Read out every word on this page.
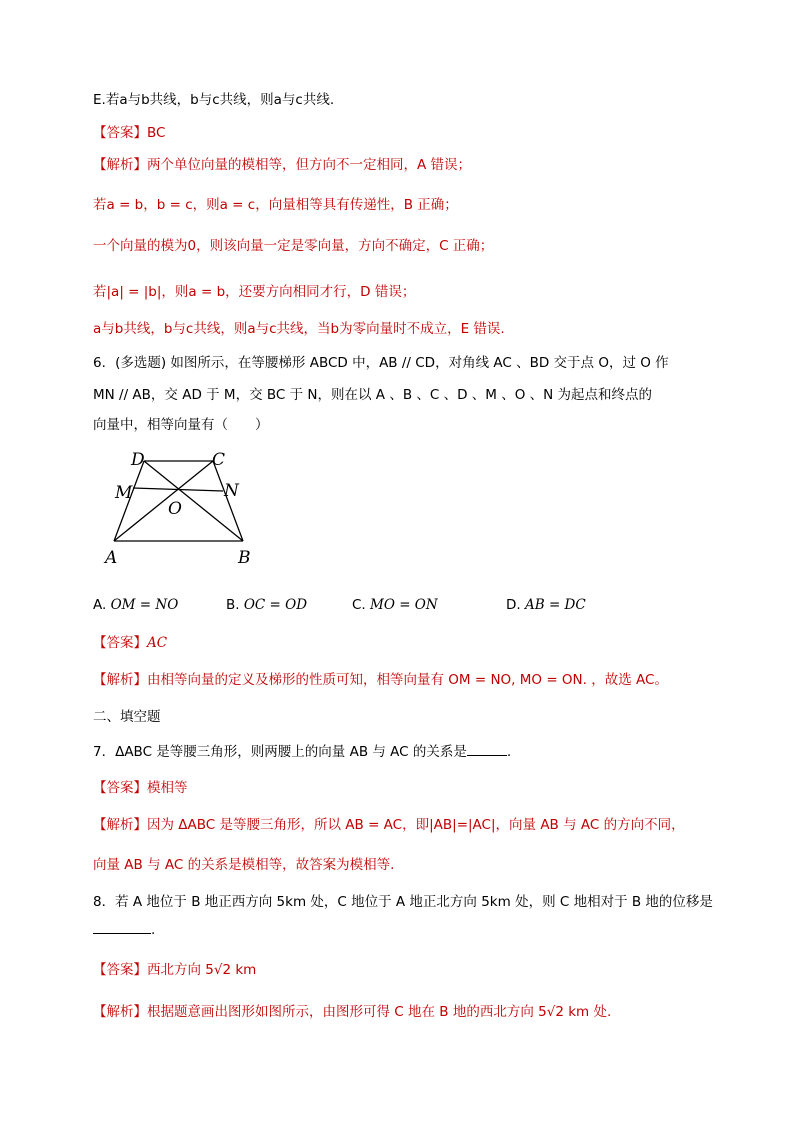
E.若a与b共线，b与c共线，则a与c共线.
【答案】BC
【解析】两个单位向量的模相等，但方向不一定相同，A 错误；
若a = b，b = c，则a = c，向量相等具有传递性，B 正确；
一个向量的模为0，则该向量一定是零向量，方向不确定，C 正确；
若|a| = |b|，则a = b，还要方向相同才行，D 错误；
a与b共线，b与c共线，则a与c共线，当b为零向量时不成立，E 错误.
6．(多选题) 如图所示，在等腰梯形 ABCD 中，AB // CD，对角线 AC 、BD 交于点 O，过 O 作
MN // AB，交 AD 于 M，交 BC 于 N，则在以 A 、B 、C 、D 、M 、O 、N 为起点和终点的
向量中，相等向量有（　　）
D	C
M	N
O
A	B
A. OM = NO	B. OC = OD	C. MO = ON	D. AB = DC
【答案】AC
【解析】由相等向量的定义及梯形的性质可知，相等向量有 OM = NO, MO = ON. ，故选 AC。
二、填空题
7．ΔABC 是等腰三角形，则两腰上的向量 AB 与 AC 的关系是	.
【答案】模相等
【解析】因为 ΔABC 是等腰三角形，所以 AB = AC，即|AB|=|AC|，向量 AB 与 AC 的方向不同，
向量 AB 与 AC 的关系是模相等，故答案为模相等.
8．若 A 地位于 B 地正西方向 5km 处，C 地位于 A 地正北方向 5km 处，则 C 地相对于 B 地的位移是
.
【答案】西北方向 5√2 km
【解析】根据题意画出图形如图所示，由图形可得 C 地在 B 地的西北方向 5√2 km 处.
